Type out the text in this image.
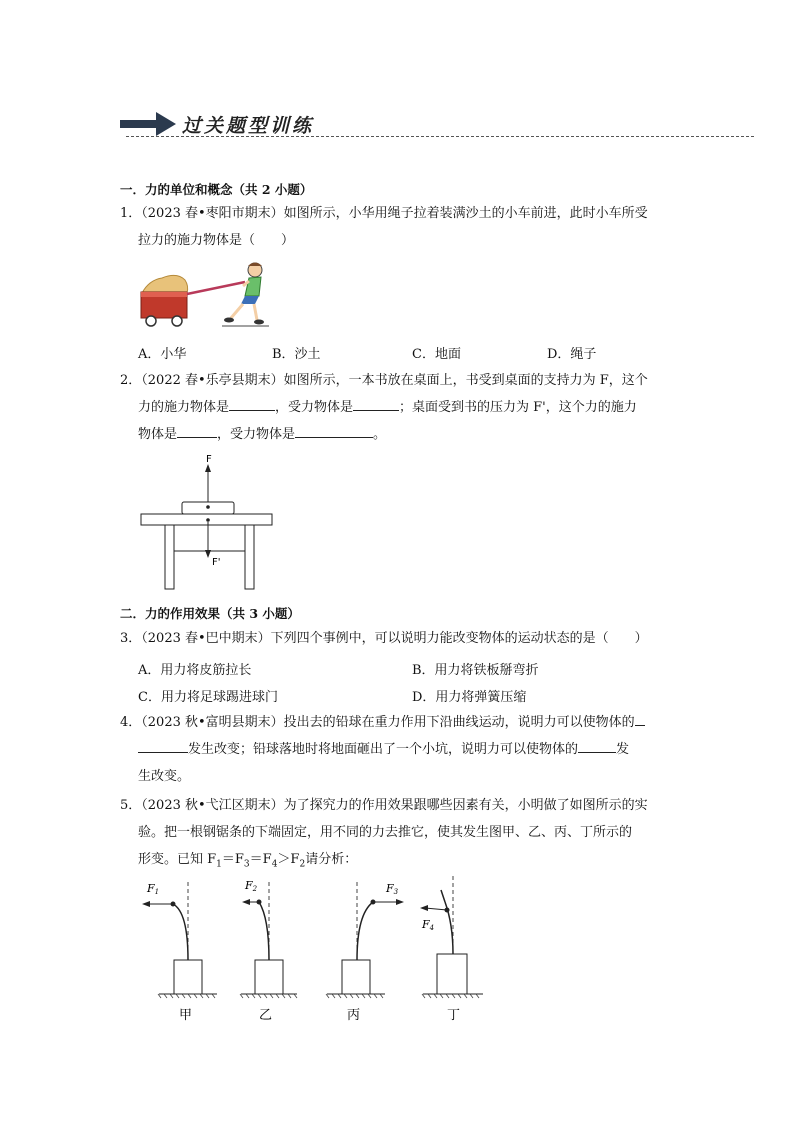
过关题型训练
一．力的单位和概念（共 2 小题）
1．（2023 春•枣阳市期末）如图所示，小华用绳子拉着装满沙土的小车前进，此时小车所受
拉力的施力物体是（　　）
A．小华	B．沙土	C．地面	D．绳子
2．（2022 春•乐亭县期末）如图所示，一本书放在桌面上，书受到桌面的支持力为 F，这个
力的施力物体是	，受力物体是	；桌面受到书的压力为 F'，这个力的施力
物体是	，受力物体是	。
F
F'
二．力的作用效果（共 3 小题）
3．（2023 春•巴中期末）下列四个事例中，可以说明力能改变物体的运动状态的是（　　）
A．用力将皮筋拉长	B．用力将铁板掰弯折
C．用力将足球踢进球门	D．用力将弹簧压缩
4．（2023 秋•富明县期末）投出去的铅球在重力作用下沿曲线运动，说明力可以使物体的
发生改变；铅球落地时将地面砸出了一个小坑，说明力可以使物体的	发
生改变。
5．（2023 秋•弋江区期末）为了探究力的作用效果跟哪些因素有关，小明做了如图所示的实
验。把一根钢锯条的下端固定，用不同的力去推它，使其发生图甲、乙、丙、丁所示的
形变。已知 $F_1=F_3=F_4>F_2$请分析：
F1
甲
F2
乙
F3
丙
F4
丁
